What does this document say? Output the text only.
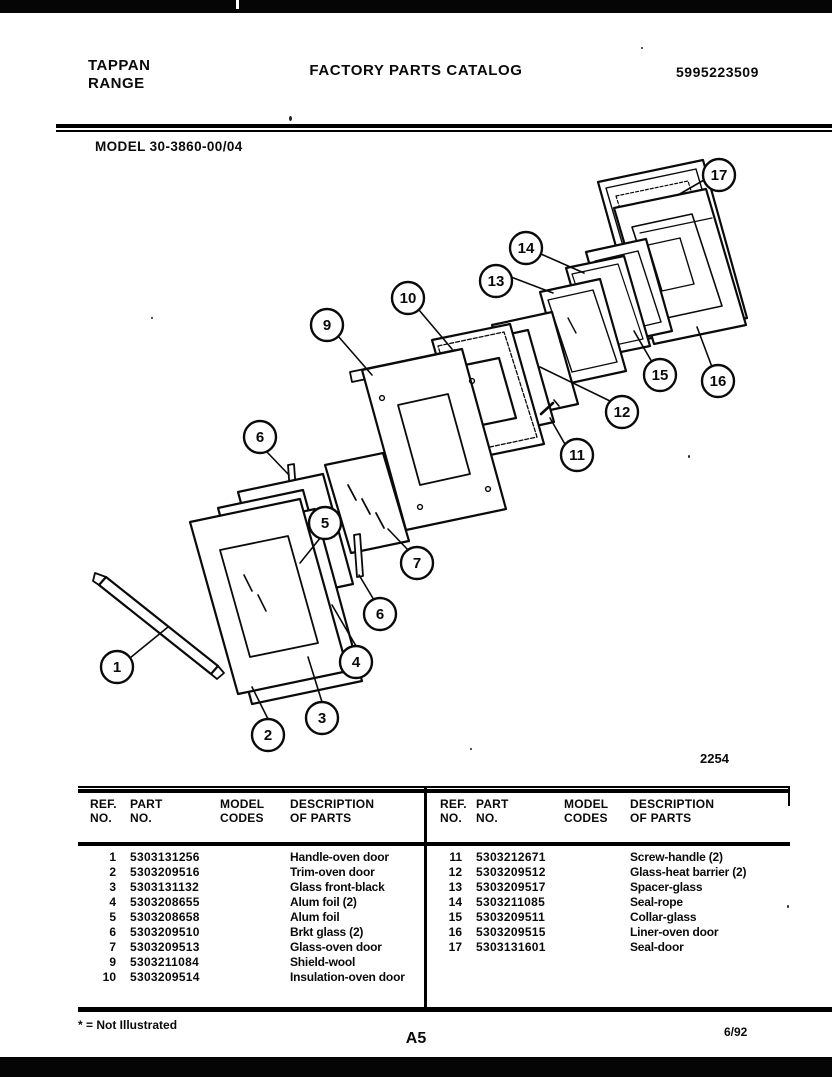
TAPPAN
RANGE
FACTORY PARTS CATALOG	5995223509
MODEL 30-3860-00/04
1
2
3
4
5
6
6
7
9
10
11
12
13
14
15	16
17
2254
REF.
NO.
PART
NO.
MODEL
CODES
DESCRIPTION
OF PARTS
1	5303131256	Handle-oven door
2	5303209516	Trim-oven door
3	5303131132	Glass front-black
4	5303208655	Alum foil (2)
5	5303208658	Alum foil
6	5303209510	Brkt glass (2)
7	5303209513	Glass-oven door
9	5303211084	Shield-wool
10	5303209514	Insulation-oven door
REF.
NO.
PART
NO.
MODEL
CODES
DESCRIPTION
OF PARTS
11	5303212671	Screw-handle (2)
12	5303209512	Glass-heat barrier (2)
13	5303209517	Spacer-glass
14	5303211085	Seal-rope
15	5303209511	Collar-glass
16	5303209515	Liner-oven door
17	5303131601	Seal-door
* = Not Illustrated
A5	6/92
